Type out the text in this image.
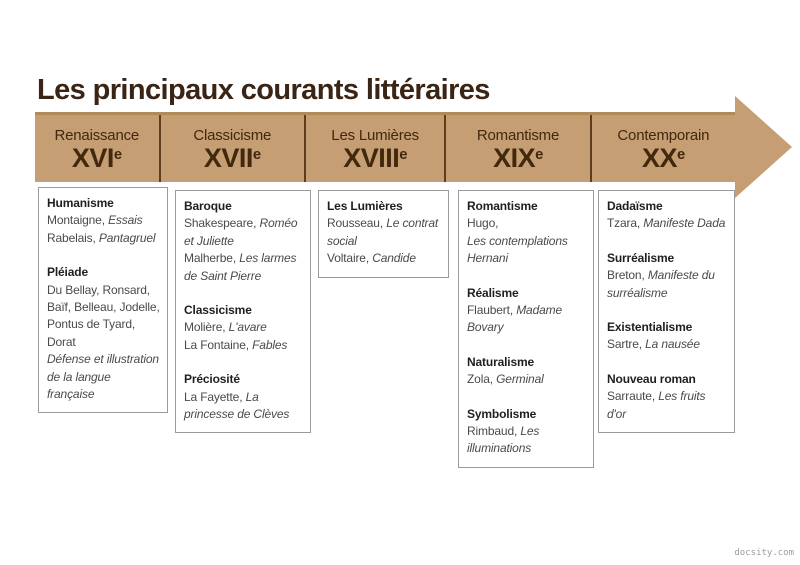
Les principaux courants littéraires
Renaissance
XVIe
Classicisme
XVIIe
Les Lumières
XVIIIe
Romantisme
XIXe
Contemporain
XXe
Humanisme
Montaigne, Essais
Rabelais, Pantagruel
Pléiade
Du Bellay, Ronsard, Baïf, Belleau, Jodelle, Pontus de Tyard, Dorat
Défense et illustration de la langue française
Baroque
Shakespeare, Roméo et Juliette
Malherbe, Les larmes de Saint Pierre
Classicisme
Molière, L'avare
La Fontaine, Fables
Préciosité
La Fayette, La princesse de Clèves
Les Lumières
Rousseau, Le contrat social
Voltaire, Candide
Romantisme
Hugo,
Les contemplations
Hernani
Réalisme
Flaubert, Madame Bovary
Naturalisme
Zola, Germinal
Symbolisme
Rimbaud, Les illuminations
Dadaïsme
Tzara, Manifeste Dada
Surréalisme
Breton, Manifeste du surréalisme
Existentialisme
Sartre, La nausée
Nouveau roman
Sarraute, Les fruits d'or
docsity.com
